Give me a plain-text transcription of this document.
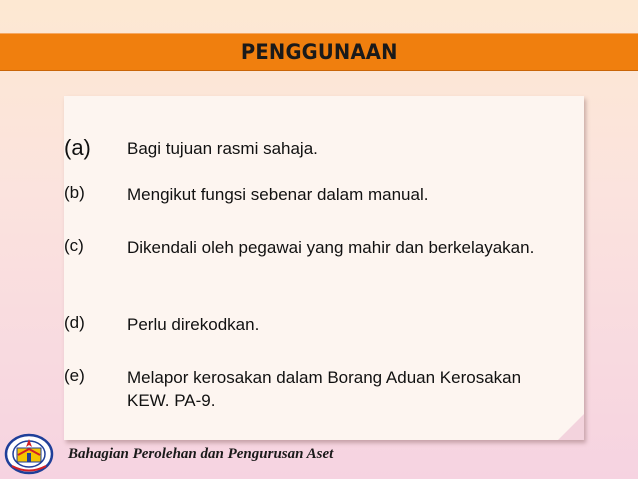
PENGGUNAAN
(a) Bagi tujuan rasmi sahaja.
(b) Mengikut fungsi sebenar dalam manual.
(c)	Dikendali oleh pegawai yang mahir dan berkelayakan.
(d) Perlu direkodkan.
(e) Melapor kerosakan dalam Borang Aduan Kerosakan KEW. PA-9.
Bahagian Perolehan dan Pengurusan Aset
